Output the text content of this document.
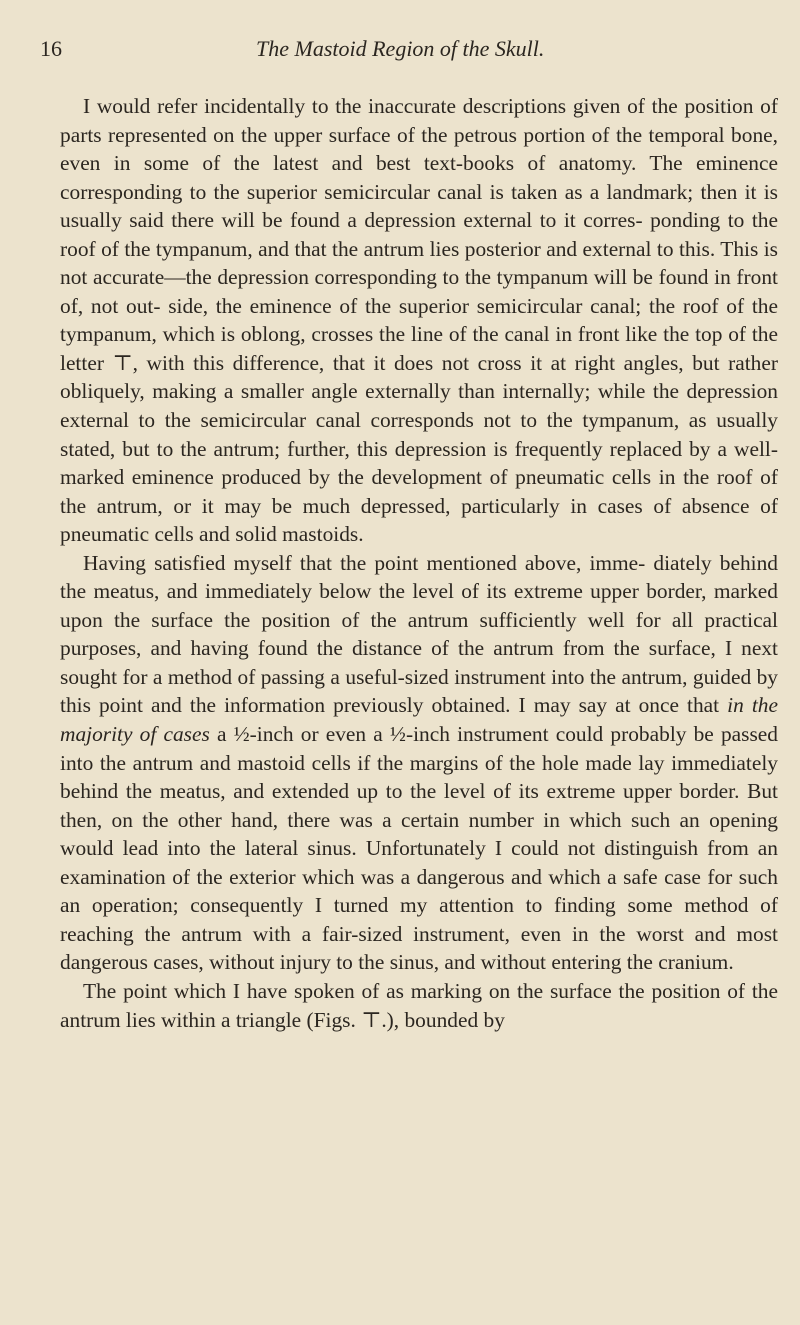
16	The Mastoid Region of the Skull.

I would refer incidentally to the inaccurate descriptions given of the position of parts represented on the upper surface of the petrous portion of the temporal bone, even in some of the latest and best text-books of anatomy. The eminence corresponding to the superior semicircular canal is taken as a landmark; then it is usually said there will be found a depression external to it corres- ponding to the roof of the tympanum, and that the antrum lies posterior and external to this. This is not accurate—the depression corresponding to the tympanum will be found in front of, not out- side, the eminence of the superior semicircular canal; the roof of the tympanum, which is oblong, crosses the line of the canal in front like the top of the letter ⊤, with this difference, that it does not cross it at right angles, but rather obliquely, making a smaller angle externally than internally; while the depression external to the semicircular canal corresponds not to the tympanum, as usually stated, but to the antrum; further, this depression is frequently replaced by a well-marked eminence produced by the development of pneumatic cells in the roof of the antrum, or it may be much depressed, particularly in cases of absence of pneumatic cells and solid mastoids.

Having satisfied myself that the point mentioned above, imme- diately behind the meatus, and immediately below the level of its extreme upper border, marked upon the surface the position of the antrum sufficiently well for all practical purposes, and having found the distance of the antrum from the surface, I next sought for a method of passing a useful-sized instrument into the antrum, guided by this point and the information previously obtained. I may say at once that in the majority of cases a ½-inch or even a ½-inch instrument could probably be passed into the antrum and mastoid cells if the margins of the hole made lay immediately behind the meatus, and extended up to the level of its extreme upper border. But then, on the other hand, there was a certain number in which such an opening would lead into the lateral sinus. Unfortunately I could not distinguish from an examination of the exterior which was a dangerous and which a safe case for such an operation; consequently I turned my attention to finding some method of reaching the antrum with a fair-sized instrument, even in the worst and most dangerous cases, without injury to the sinus, and without entering the cranium.

The point which I have spoken of as marking on the surface the position of the antrum lies within a triangle (Figs. ⊤.), bounded by
